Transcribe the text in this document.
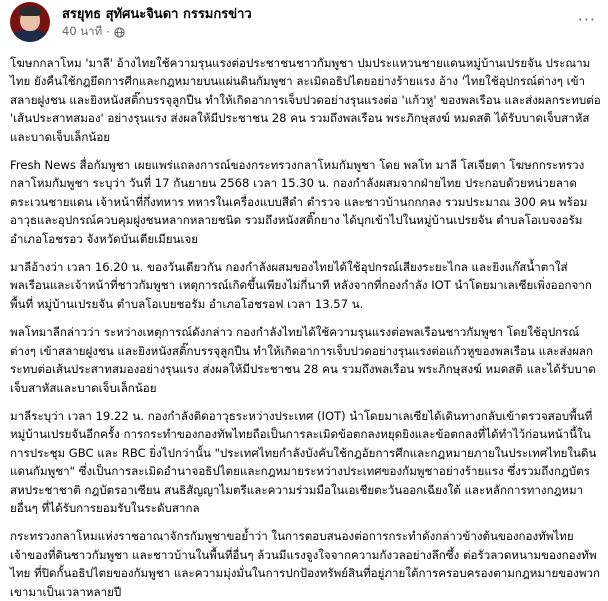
สรยุทธ สุทัศนะจินดา กรรมกรข่าว
40 นาที ·
···

โฆษกกลาโหม 'มาลี' อ้างไทยใช้ความรุนแรงต่อประชาชนชาวกัมพูชา ปมประแหวนชายแดนหมู่บ้านเปรยจัน ประณามไทย ยังคืนใช้กฎยึดการศีกและกฎหมายบนแผ่นดินกัมพูชา ละเมิดอธิปไตยอย่างร้ายแรง อ้าง 'ไทยใช้อุปกรณ์ต่างๆ เข้าสลายฝูงชน และยิงหนังสติ๊กบรรจุลูกปืน ทำให้เกิดอาการเจ็บปวดอย่างรุนแรงต่อ 'แก้วหู' ของพลเรือน และส่งผลกระทบต่อ 'เส้นประสาทสมอง' อย่างรุนแรง ส่งผลให้มีประชาชน 28 คน รวมถึงพลเรือน พระภิกษุสงฆ์ หมดสติ ได้รับบาดเจ็บสาหัส และบาดเจ็บเล็กน้อย

Fresh News สื่อกัมพูชา เผยแพร่แถลงการณ์ของกระทรวงกลาโหมกัมพูชา โดย พลโท มาลี โสเจียตา โฆษกกระทรวงกลาโหมกัมพูชา ระบุว่า วันที่ 17 กันยายน 2568 เวลา 15.30 น. กองกำลังผสมจากฝ่ายไทย ประกอบด้วยหน่วยลาดตระเวนชายแดน เจ้าหน้าที่กึ่งทหาร ทหารในเครื่องแบบสีดำ ตำรวจ และชาวบ้านกกกลง รวมประมาณ 300 คน พร้อมอาวุธและอุปกรณ์ควบคุมฝูงชนหลากหลายชนิด รวมถึงหนังสติ๊กยาง ได้บุกเข้าไปในหมู่บ้านเปรยจัน ตำบลโอเบจงอรัม อำเภอโอชรอว จังหวัดบันเตียเมียนเจย

มาลีอ้างว่า เวลา 16.20 น. ของวันเดียวกัน กองกำลังผสมของไทยได้ใช้อุปกรณ์เสียงระยะไกล และยิงแก๊สน้ำตาใส่พลเรือนและเจ้าหน้าที่ชาวกัมพูชา เหตุการณ์เกิดขึ้นเพียงไม่กี่นาที หลังจากที่กองกำลัง IOT นำโดยมาเลเซียเพิ่งออกจากพื้นที่ หมู่บ้านเปรยจัน ตำบลโอเบยชอรัม อำเภอโอชรอฟ เวลา 13.57 น.

พลโทมาลีกล่าวว่า ระหว่างเหตุการณ์ดังกล่าว กองกำลังไทยได้ใช้ความรุนแรงต่อพลเรือนชาวกัมพูชา โดยใช้อุปกรณ์ต่างๆ เข้าสลายฝูงชน และยิงหนังสติ๊กบรรจุลูกปืน ทำให้เกิดอาการเจ็บปวดอย่างรุนแรงต่อแก้วหูของพลเรือน และส่งผลกระทบต่อเส้นประสาทสมองอย่างรุนแรง ส่งผลให้มีประชาชน 28 คน รวมถึงพลเรือน พระภิกษุสงฆ์ หมดสติ และได้รับบาดเจ็บสาหัสและบาดเจ็บเล็กน้อย

มาลีระบุว่า เวลา 19.22 น. กองกำลังติดอาวุธระหว่างประเทศ (IOT) นำโดยมาเลเซียได้เดินทางกลับเข้าตรวจสอบพื้นที่หมู่บ้านเปรยจันอีกครั้ง การกระทำของกองทัพไทยถือเป็นการละเมิดข้อตกลงหยุดยิงและข้อตกลงที่ได้ทำไว้ก่อนหน้านี้ในการประชุม GBC และ RBC ยิ่งไปกว่านั้น "ประเทศไทยกำลังบังคับใช้กฎอัยการศึกและกฎหมายภายในประเทศไทยในดินแดนกัมพูชา" ซึ่งเป็นการละเมิดอำนาจอธิปไตยและกฎหมายระหว่างประเทศของกัมพูชาอย่างร้ายแรง ซึ่งรวมถึงกฎบัตรสหประชาชาติ กฎบัตรอาเซียน สนธิสัญญาไมตรีและความร่วมมือในเอเชียตะวันออกเฉียงใต้ และหลักการทางกฎหมายอื่นๆ ที่ได้รับการยอมรับในระดับสากล

กระทรวงกลาโหมแห่งราชอาณาจักรกัมพูชาขอย้ำว่า ในการตอบสนองต่อการกระทำดังกล่าวข้างต้นของกองทัพไทย เจ้าของที่ดินชาวกัมพูชา และชาวบ้านในพื้นที่อื่นๆ ล้วนมีแรงจูงใจจากความกังวลอย่างลึกซึ้ง ต่อรัวลวดหนามของกองทัพไทย ที่ปิดกั้นอธิปไตยของกัมพูชา และความมุ่งมั่นในการปกป้องทรัพย์สินที่อยู่ภายใต้การครอบครองตามกฎหมายของพวกเขามาเป็นเวลาหลายปี
